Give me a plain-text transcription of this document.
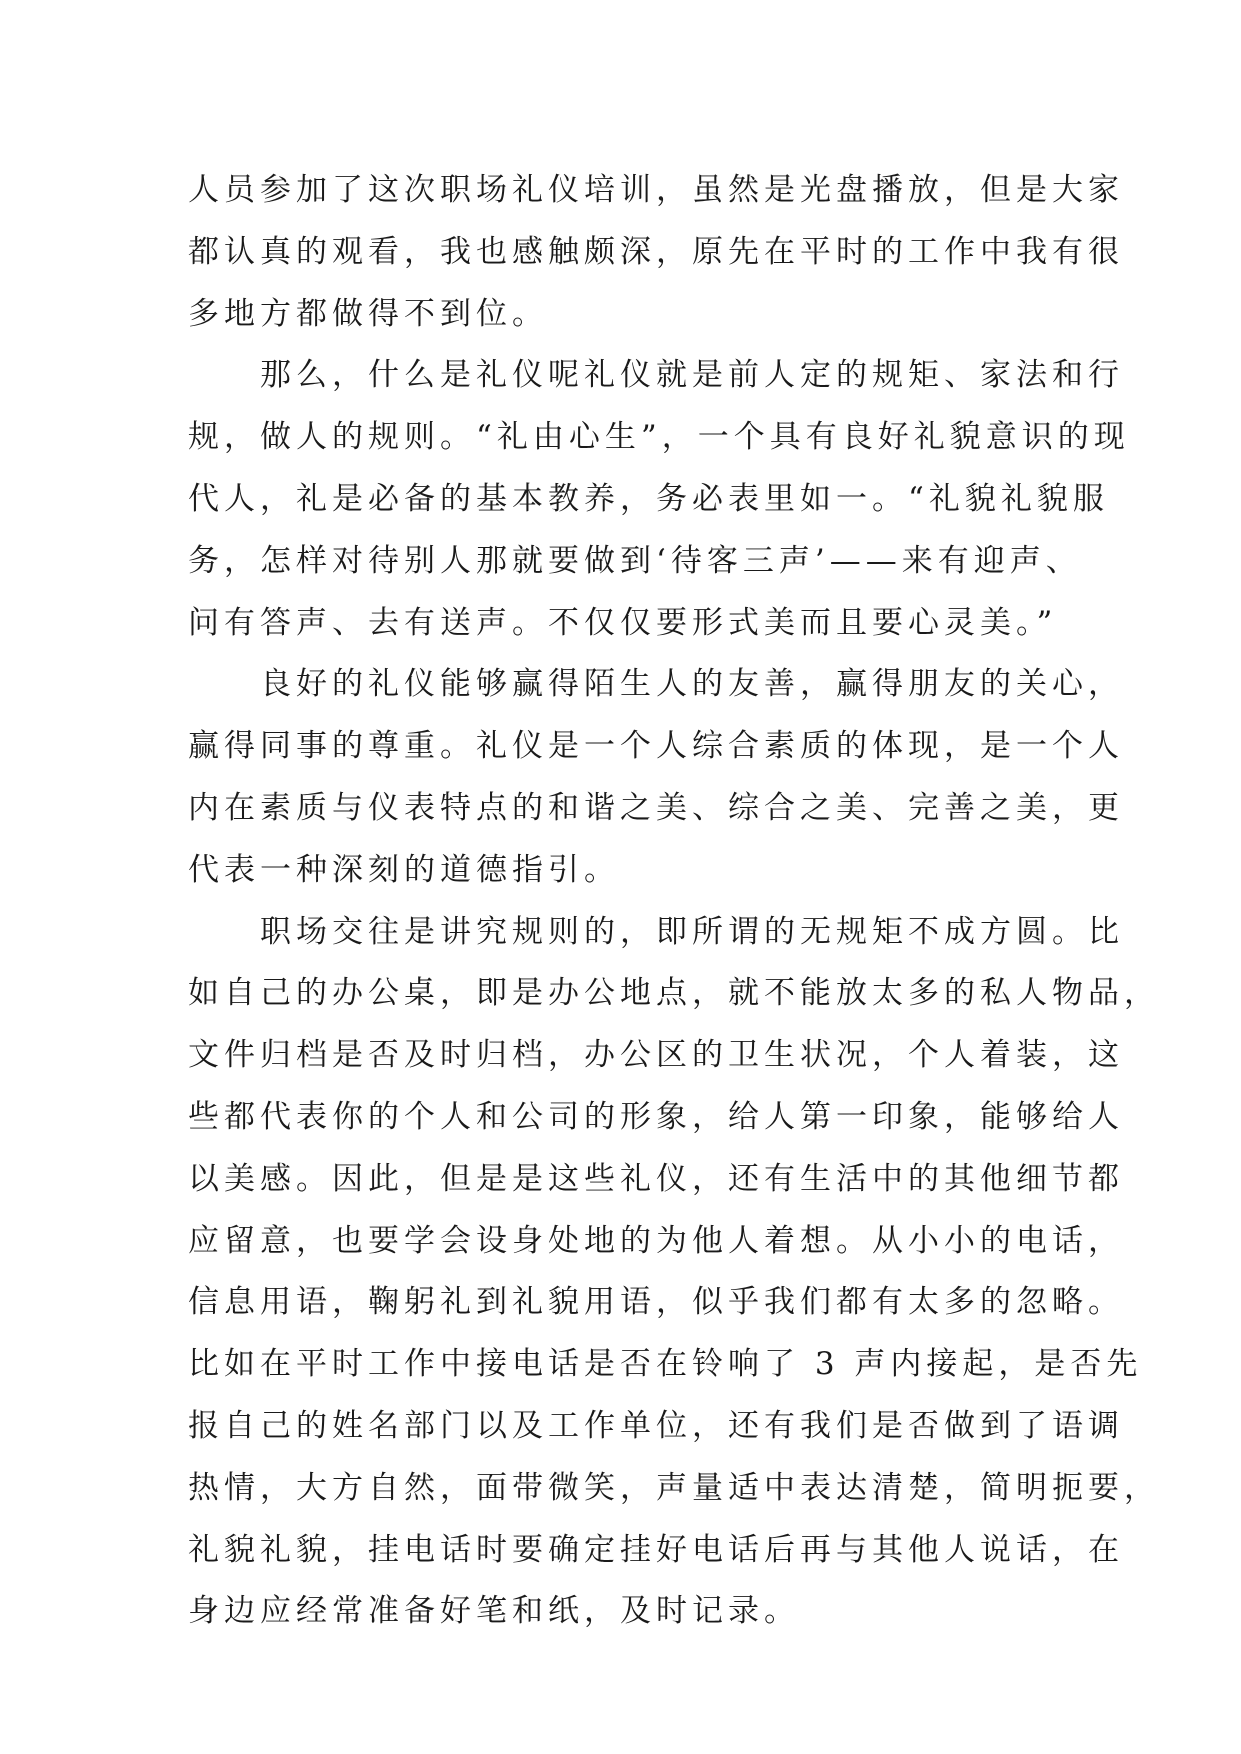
人员参加了这次职场礼仪培训，虽然是光盘播放，但是大家
都认真的观看，我也感触颇深，原先在平时的工作中我有很
多地方都做得不到位。
那么，什么是礼仪呢礼仪就是前人定的规矩、家法和行
规，做人的规则。“礼由心生”，一个具有良好礼貌意识的现
代人，礼是必备的基本教养，务必表里如一。“礼貌礼貌服
务，怎样对待别人那就要做到‘待客三声’——来有迎声、
问有答声、去有送声。不仅仅要形式美而且要心灵美。”
良好的礼仪能够赢得陌生人的友善，赢得朋友的关心，
赢得同事的尊重。礼仪是一个人综合素质的体现，是一个人
内在素质与仪表特点的和谐之美、综合之美、完善之美，更
代表一种深刻的道德指引。
职场交往是讲究规则的，即所谓的无规矩不成方圆。比
如自己的办公桌，即是办公地点，就不能放太多的私人物品，
文件归档是否及时归档，办公区的卫生状况，个人着装，这
些都代表你的个人和公司的形象，给人第一印象，能够给人
以美感。因此，但是是这些礼仪，还有生活中的其他细节都
应留意，也要学会设身处地的为他人着想。从小小的电话，
信息用语，鞠躬礼到礼貌用语，似乎我们都有太多的忽略。
比如在平时工作中接电话是否在铃响了 3 声内接起，是否先
报自己的姓名部门以及工作单位，还有我们是否做到了语调
热情，大方自然，面带微笑，声量适中表达清楚，简明扼要，
礼貌礼貌，挂电话时要确定挂好电话后再与其他人说话，在
身边应经常准备好笔和纸，及时记录。
